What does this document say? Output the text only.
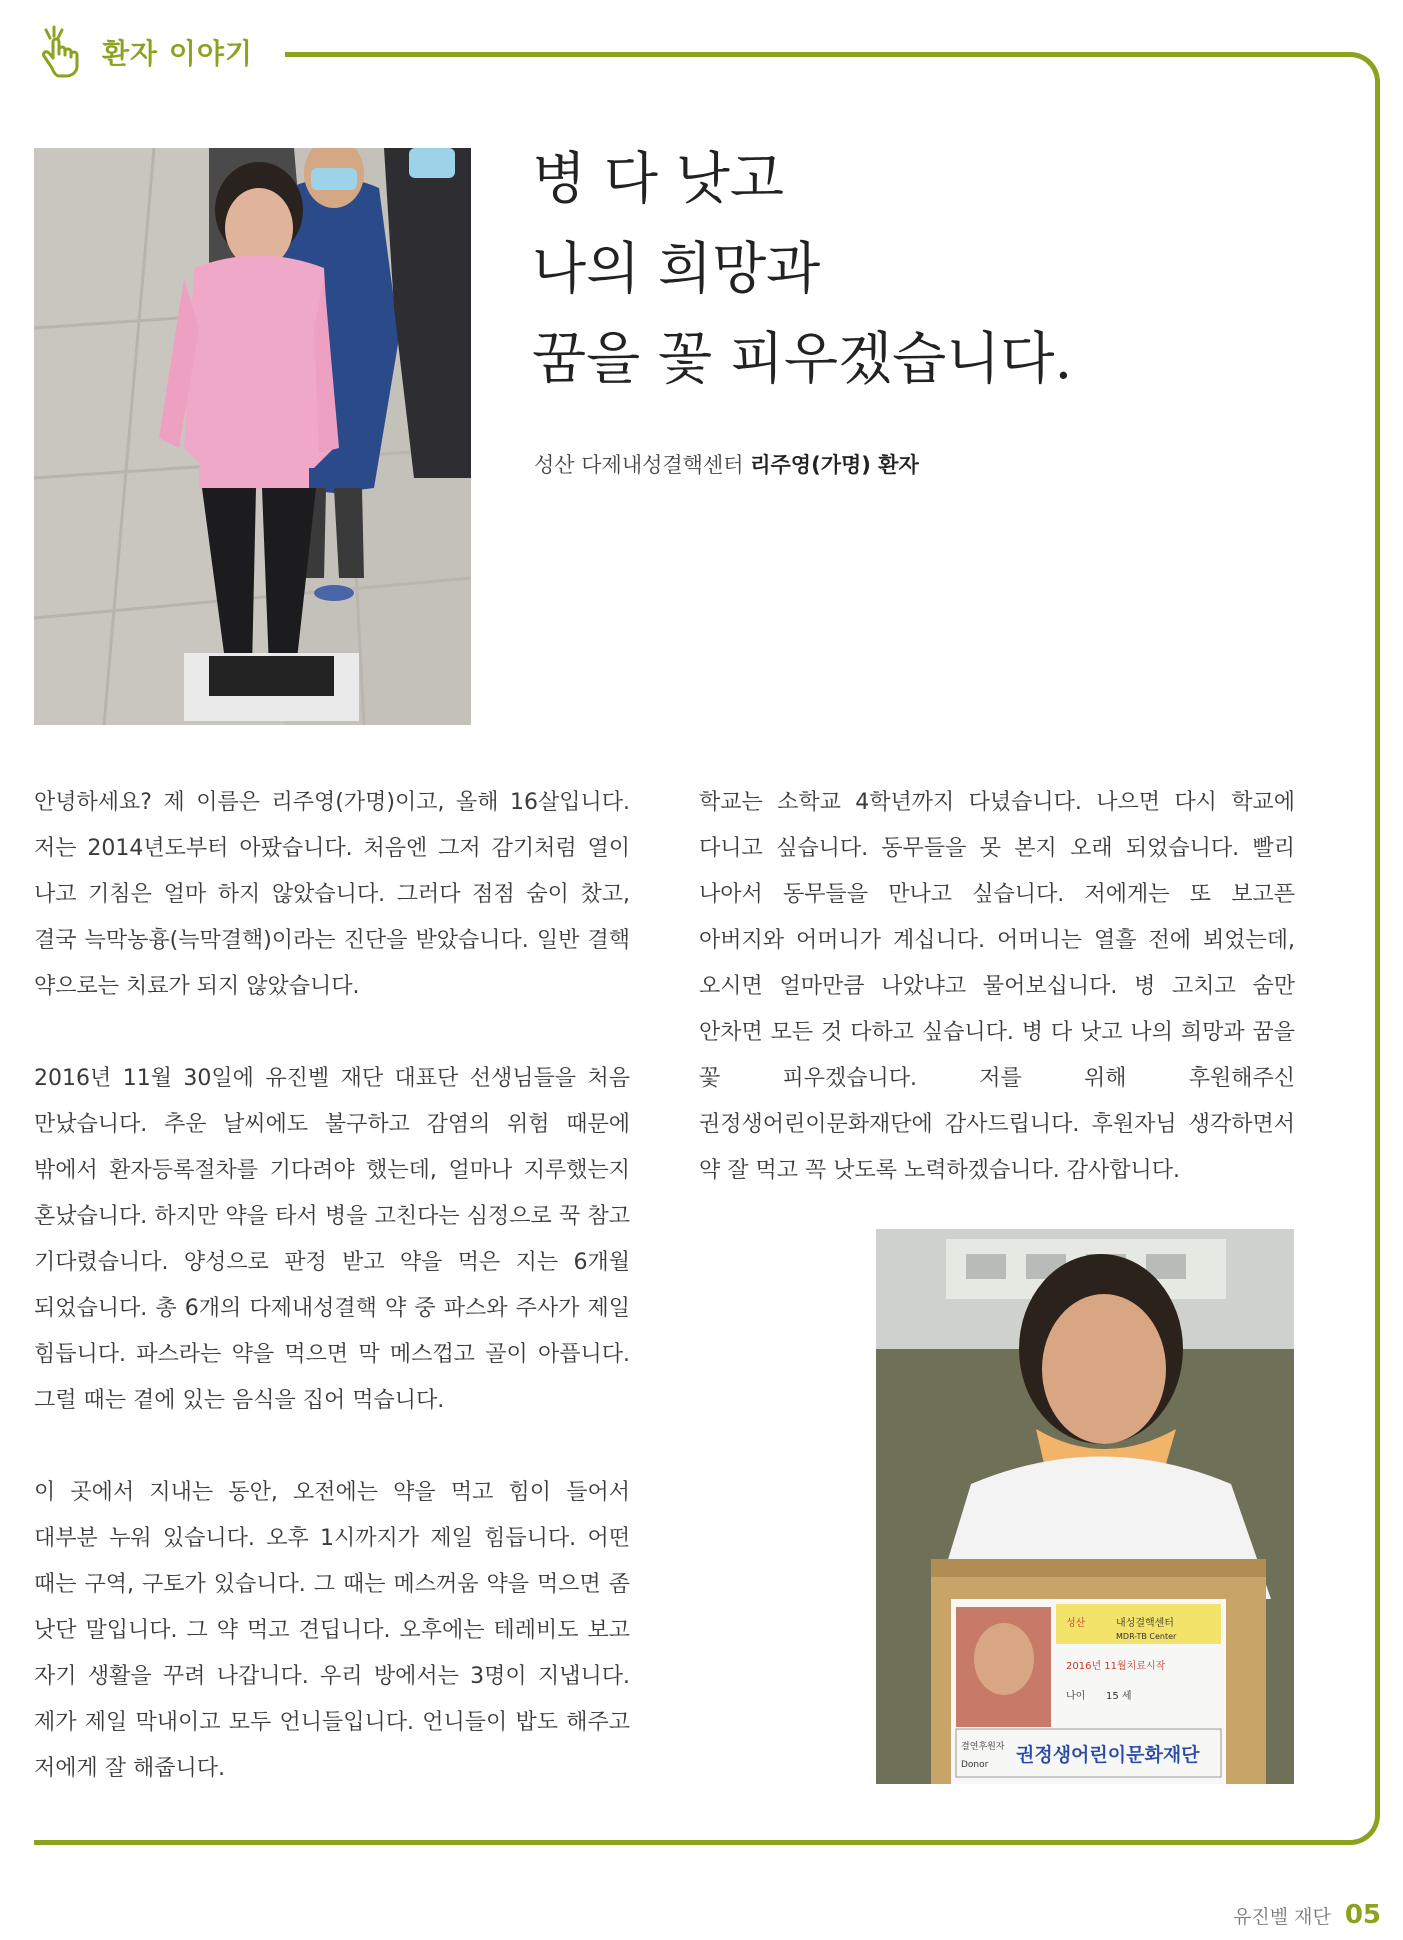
환자 이야기
병 다 낫고
나의 희망과
꿈을 꽃 피우겠습니다.
성산 다제내성결핵센터 리주영(가명) 환자

안녕하세요? 제 이름은 리주영(가명)이고, 올해 16살입니다. 저는 2014년도부터 아팠습니다. 처음엔 그저 감기처럼 열이 나고 기침은 얼마 하지 않았습니다. 그러다 점점 숨이 찼고, 결국 늑막농흉(늑막결핵)이라는 진단을 받았습니다. 일반 결핵 약으로는 치료가 되지 않았습니다.

2016년 11월 30일에 유진벨 재단 대표단 선생님들을 처음 만났습니다. 추운 날씨에도 불구하고 감염의 위험 때문에 밖에서 환자등록절차를 기다려야 했는데, 얼마나 지루했는지 혼났습니다. 하지만 약을 타서 병을 고친다는 심정으로 꾹 참고 기다렸습니다. 양성으로 판정 받고 약을 먹은 지는 6개월 되었습니다. 총 6개의 다제내성결핵 약 중 파스와 주사가 제일 힘듭니다. 파스라는 약을 먹으면 막 메스껍고 골이 아픕니다. 그럴 때는 곁에 있는 음식을 집어 먹습니다.

이 곳에서 지내는 동안, 오전에는 약을 먹고 힘이 들어서 대부분 누워 있습니다. 오후 1시까지가 제일 힘듭니다. 어떤 때는 구역, 구토가 있습니다. 그 때는 메스꺼움 약을 먹으면 좀 낫단 말입니다. 그 약 먹고 견딥니다. 오후에는 테레비도 보고 자기 생활을 꾸려 나갑니다. 우리 방에서는 3명이 지냅니다. 제가 제일 막내이고 모두 언니들입니다. 언니들이 밥도 해주고 저에게 잘 해줍니다.

학교는 소학교 4학년까지 다녔습니다. 나으면 다시 학교에 다니고 싶습니다. 동무들을 못 본지 오래 되었습니다. 빨리 나아서 동무들을 만나고 싶습니다. 저에게는 또 보고픈 아버지와 어머니가 계십니다. 어머니는 열흘 전에 뵈었는데, 오시면 얼마만큼 나았냐고 물어보십니다. 병 고치고 숨만 안차면 모든 것 다하고 싶습니다. 병 다 낫고 나의 희망과 꿈을 꽃 피우겠습니다. 저를 위해 후원해주신 권정생어린이문화재단에 감사드립니다. 후원자님 생각하면서 약 잘 먹고 꼭 낫도록 노력하겠습니다. 감사합니다.

성산	내성결핵센터
MDR-TB Center
2016년 11월치료시작
나이 15 세
결연후원자
Donor 권정생어린이문화재단
유진벨 재단 05
